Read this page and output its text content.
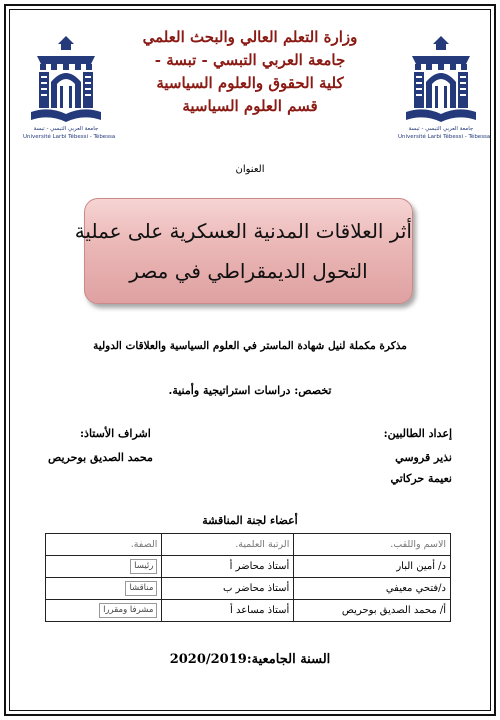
جامعة العربي التبسي - تبسة
Université Larbi Tébessi - Tébessa
جامعة العربي التبسي - تبسة
Université Larbi Tébessi - Tébessa
وزارة التعلم العالي والبحث العلمي
جامعة العربي التبسي - تبسة -
كلية الحقوق والعلوم السياسية
قسم العلوم السياسية
العنوان
أثر العلاقات المدنية العسكرية على عملية
التحول الديمقراطي في مصر
مذكرة مكملة لنيل شهادة الماستر في العلوم السياسية والعلاقات الدولية
تخصص: دراسات استراتيجية وأمنية.
إعداد الطالبين:
نذير قروسي
نعيمة حركاتي
اشراف الأستاذ:
محمد الصديق بوحريص
أعضاء لجنة المناقشة
الاسم واللقب.	الرتبة العلمية.	الصفة.
د/ أمين البار	أستاذ محاضر أ	رئيسا
د/فتحي معيفي	أستاذ محاضر ب	مناقشا
أ/ محمد الصديق بوحريص	أستاذ مساعد أ	مشرفا ومقررا
السنة الجامعية:2020/2019
